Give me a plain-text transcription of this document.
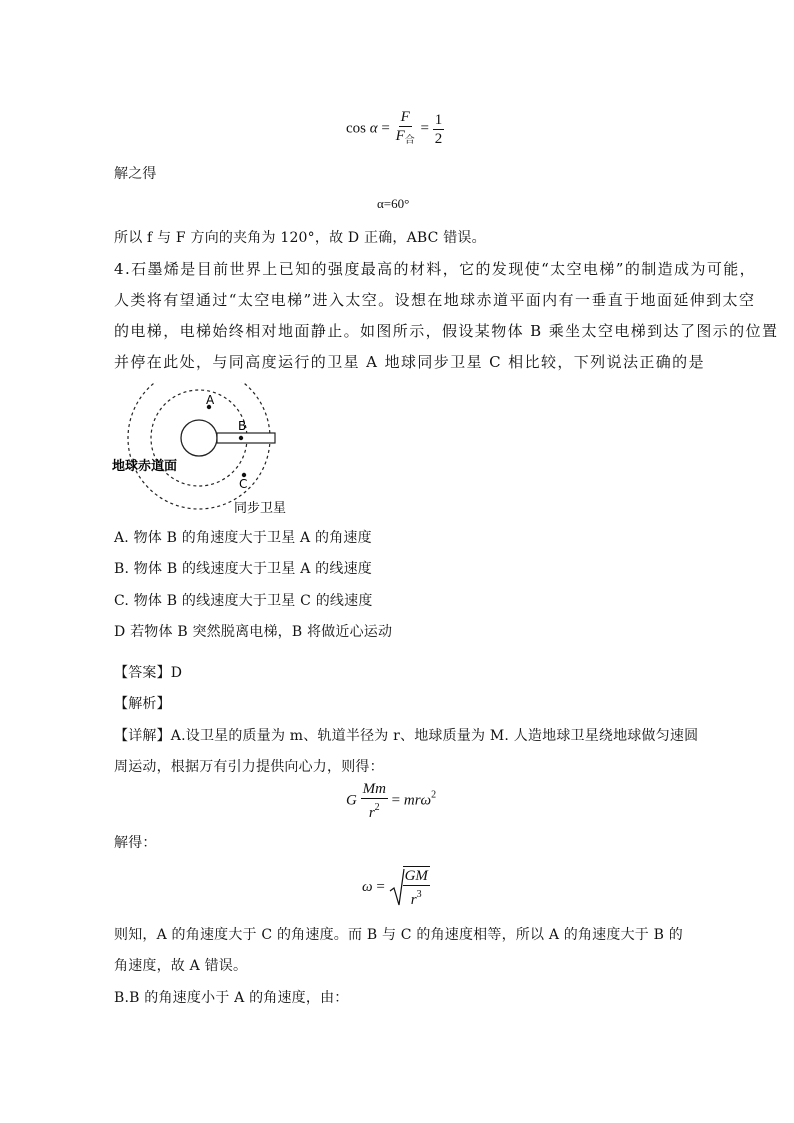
$\cos \alpha = \frac{F}{F_合} = \frac{1}{2}$
解之得
α=60°
所以 f 与 F 方向的夹角为 120°，故 D 正确，ABC 错误。
4.石墨烯是目前世界上已知的强度最高的材料，它的发现使“太空电梯”的制造成为可能，
人类将有望通过“太空电梯”进入太空。设想在地球赤道平面内有一垂直于地面延伸到太空
的电梯，电梯始终相对地面静止。如图所示，假设某物体 B 乘坐太空电梯到达了图示的位置
并停在此处，与同高度运行的卫星 A 地球同步卫星 C 相比较，下列说法正确的是
A
B
C
地球赤道面
同步卫星
A. 物体 B 的角速度大于卫星 A 的角速度
B. 物体 B 的线速度大于卫星 A 的线速度
C. 物体 B 的线速度大于卫星 C 的线速度
D 若物体 B 突然脱离电梯，B 将做近心运动
【答案】D
【解析】
【详解】A.设卫星的质量为 m、轨道半径为 r、地球质量为 M. 人造地球卫星绕地球做匀速圆
周运动，根据万有引力提供向心力，则得：
G $\frac{Mm}{r^2} = mr\omega^2$
解得：
$\omega = \frac{GM}{r^3}$
则知，A 的角速度大于 C 的角速度。而 B 与 C 的角速度相等，所以 A 的角速度大于 B 的
角速度，故 A 错误。
B.B 的角速度小于 A 的角速度，由：
